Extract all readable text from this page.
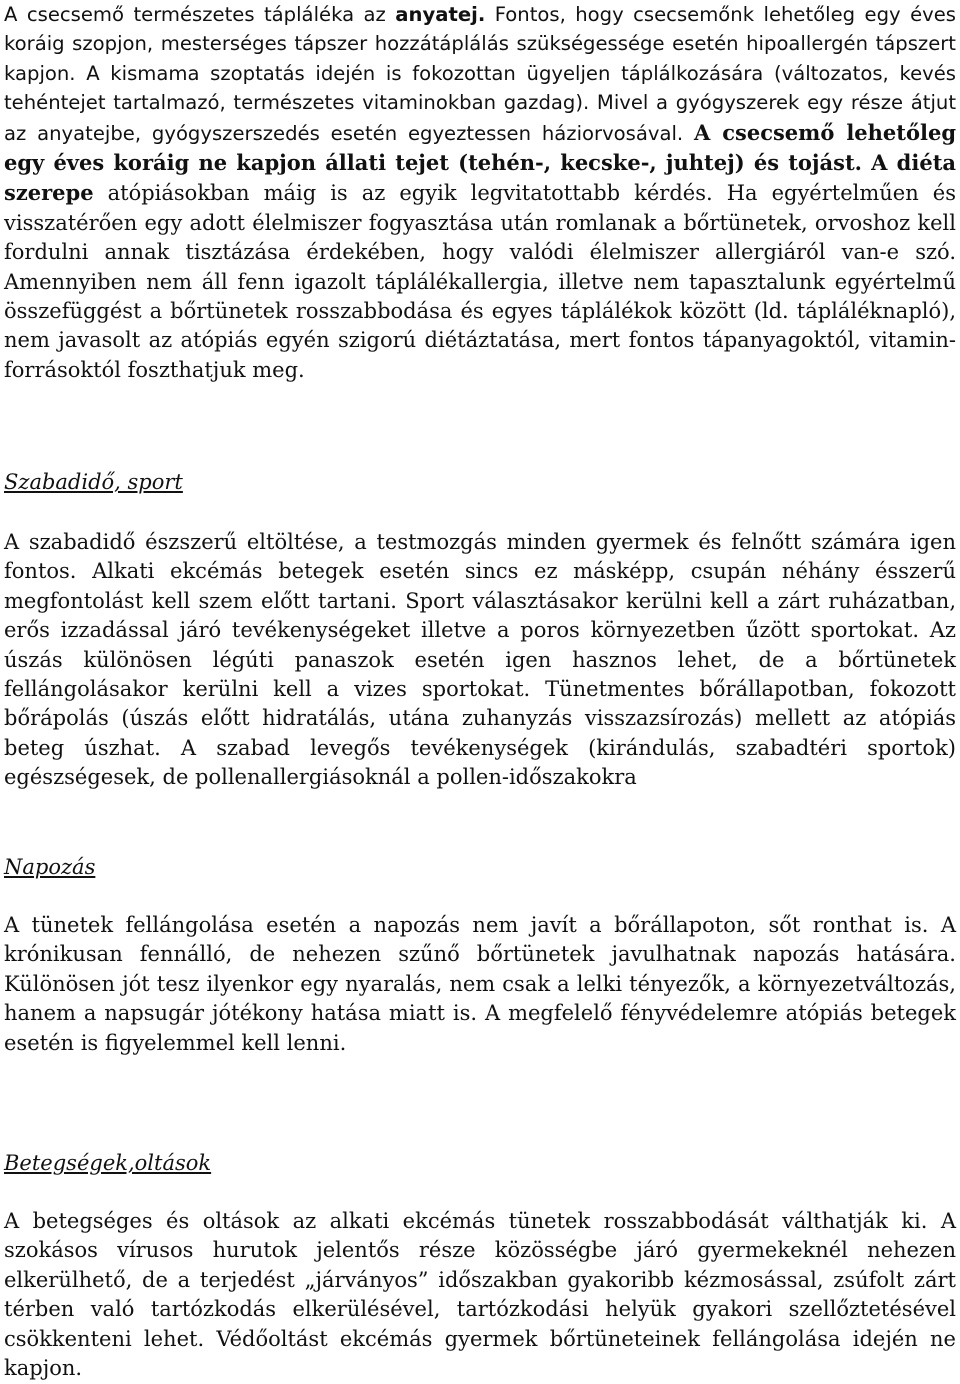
A csecsemő természetes tápláléka az anyatej. Fontos, hogy csecsemőnk lehetőleg egy éves koráig szopjon, mesterséges tápszer hozzátáplálás szükségessége esetén hipoallergén tápszert kapjon. A kismama szoptatás idején is fokozottan ügyeljen táplálkozására (változatos, kevés tehéntejet tartalmazó, természetes vitaminokban gazdag). Mivel a gyógyszerek egy része átjut az anyatejbe, gyógyszerszedés esetén egyeztessen háziorvosával. A csecsemő lehetőleg egy éves koráig ne kapjon állati tejet (tehén-, kecske-, juhtej) és tojást. A diéta szerepe atópiásokban máig is az egyik legvitatottabb kérdés. Ha egyértelműen és visszatérően egy adott élelmiszer fogyasztása után romlanak a bőrtünetek, orvoshoz kell fordulni annak tisztázása érdekében, hogy valódi élelmiszer allergiáról van-e szó. Amennyiben nem áll fenn igazolt táplálékallergia, illetve nem tapasztalunk egyértelmű összefüggést a bőrtünetek rosszabbodása és egyes táplálékok között (ld. tápláléknapló), nem javasolt az atópiás egyén szigorú diétáztatása, mert fontos tápanyagoktól, vitamin-forrásoktól foszthatjuk meg.

Szabadidő, sport

A szabadidő észszerű eltöltése, a testmozgás minden gyermek és felnőtt számára igen fontos. Alkati ekcémás betegek esetén sincs ez másképp, csupán néhány ésszerű megfontolást kell szem előtt tartani. Sport választásakor kerülni kell a zárt ruházatban, erős izzadással járó tevékenységeket illetve a poros környezetben űzött sportokat. Az úszás különösen légúti panaszok esetén igen hasznos lehet, de a bőrtünetek fellángolásakor kerülni kell a vizes sportokat. Tünetmentes bőrállapotban, fokozott bőrápolás (úszás előtt hidratálás, utána zuhanyzás visszazsírozás) mellett az atópiás beteg úszhat. A szabad levegős tevékenységek (kirándulás, szabadtéri sportok) egészségesek, de pollenallergiásoknál a pollen-időszakokra

Napozás

A tünetek fellángolása esetén a napozás nem javít a bőrállapoton, sőt ronthat is. A krónikusan fennálló, de nehezen szűnő bőrtünetek javulhatnak napozás hatására. Különösen jót tesz ilyenkor egy nyaralás, nem csak a lelki tényezők, a környezetváltozás, hanem a napsugár jótékony hatása miatt is. A megfelelő fényvédelemre atópiás betegek esetén is figyelemmel kell lenni.

Betegségek,oltások

A betegséges és oltások az alkati ekcémás tünetek rosszabbodását válthatják ki. A szokásos vírusos hurutok jelentős része közösségbe járó gyermekeknél nehezen elkerülhető, de a terjedést „járványos” időszakban gyakoribb kézmosással, zsúfolt zárt térben való tartózkodás elkerülésével, tartózkodási helyük gyakori szellőztetésével csökkenteni lehet. Védőoltást ekcémás gyermek bőrtüneteinek fellángolása idején ne kapjon.
